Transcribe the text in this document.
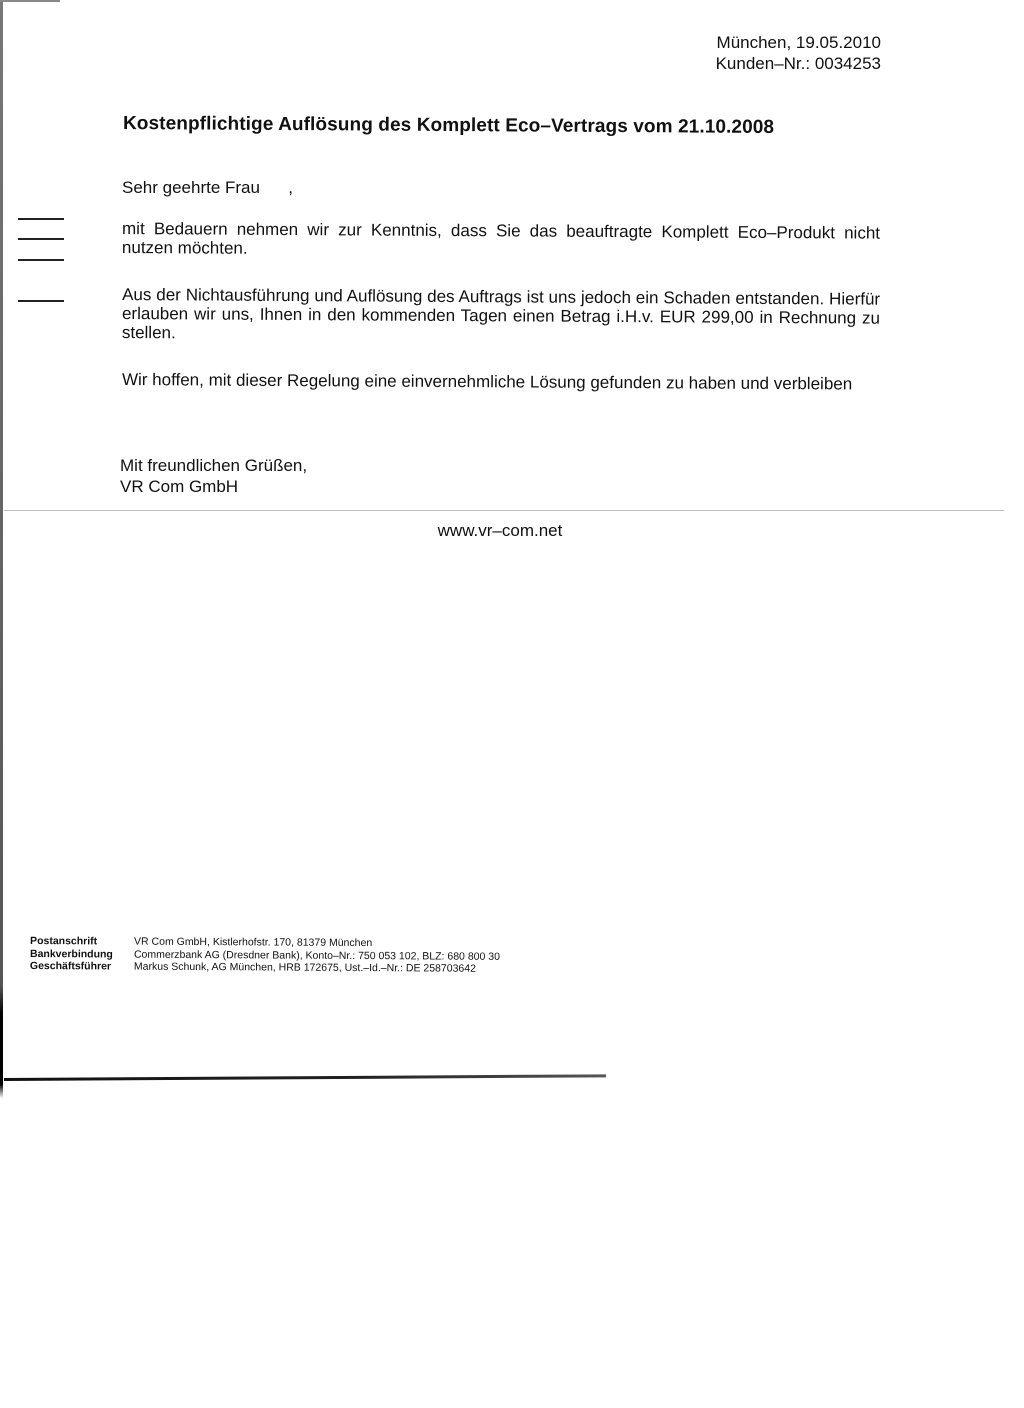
München, 19.05.2010
Kunden–Nr.: 0034253
Kostenpflichtige Auflösung des Komplett Eco–Vertrags vom 21.10.2008
Sehr geehrte Frau      ,
mit Bedauern nehmen wir zur Kenntnis, dass Sie das beauftragte Komplett Eco–Produkt nicht nutzen möchten.
Aus der Nichtausführung und Auflösung des Auftrags ist uns jedoch ein Schaden entstanden. Hierfür erlauben wir uns, Ihnen in den kommenden Tagen einen Betrag i.H.v. EUR 299,00 in Rechnung zu stellen.
Wir hoffen, mit dieser Regelung eine einvernehmliche Lösung gefunden zu haben und verbleiben
Mit freundlichen Grüßen,
VR Com GmbH
www.vr–com.net
Postanschrift	VR Com GmbH, Kistlerhofstr. 170, 81379 München
Bankverbindung	Commerzbank AG (Dresdner Bank), Konto–Nr.: 750 053 102, BLZ: 680 800 30
Geschäftsführer	Markus Schunk, AG München, HRB 172675, Ust.–Id.–Nr.: DE 258703642
